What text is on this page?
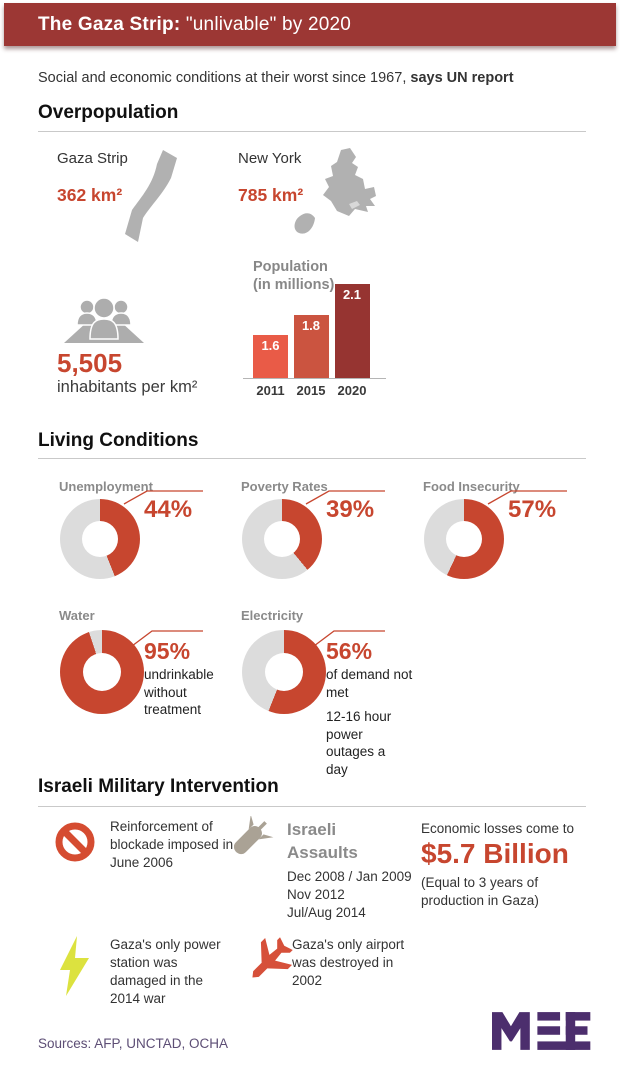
The Gaza Strip: "unlivable" by 2020
Social and economic conditions at their worst since 1967, says UN report
Overpopulation
Gaza Strip
362 km²
New York
785 km²
5,505
inhabitants per km²
Population
(in millions)
1.6
1.8
2.1
2011 2015 2020
Living Conditions
Unemployment
44%
Poverty Rates
39%
Food Insecurity
57%
Water
95%
undrinkable without treatment
Electricity
56%
of demand not met
12-16 hour power outages a day
Israeli Military Intervention
Reinforcement of blockade imposed in June 2006
Israeli
Assaults
Dec 2008 / Jan 2009
Nov 2012
Jul/Aug 2014
Economic losses come to
$5.7 Billion
(Equal to 3 years of production in Gaza)
Gaza's only power station was damaged in the 2014 war
Gaza's only airport was destroyed in 2002
Sources: AFP, UNCTAD, OCHA
